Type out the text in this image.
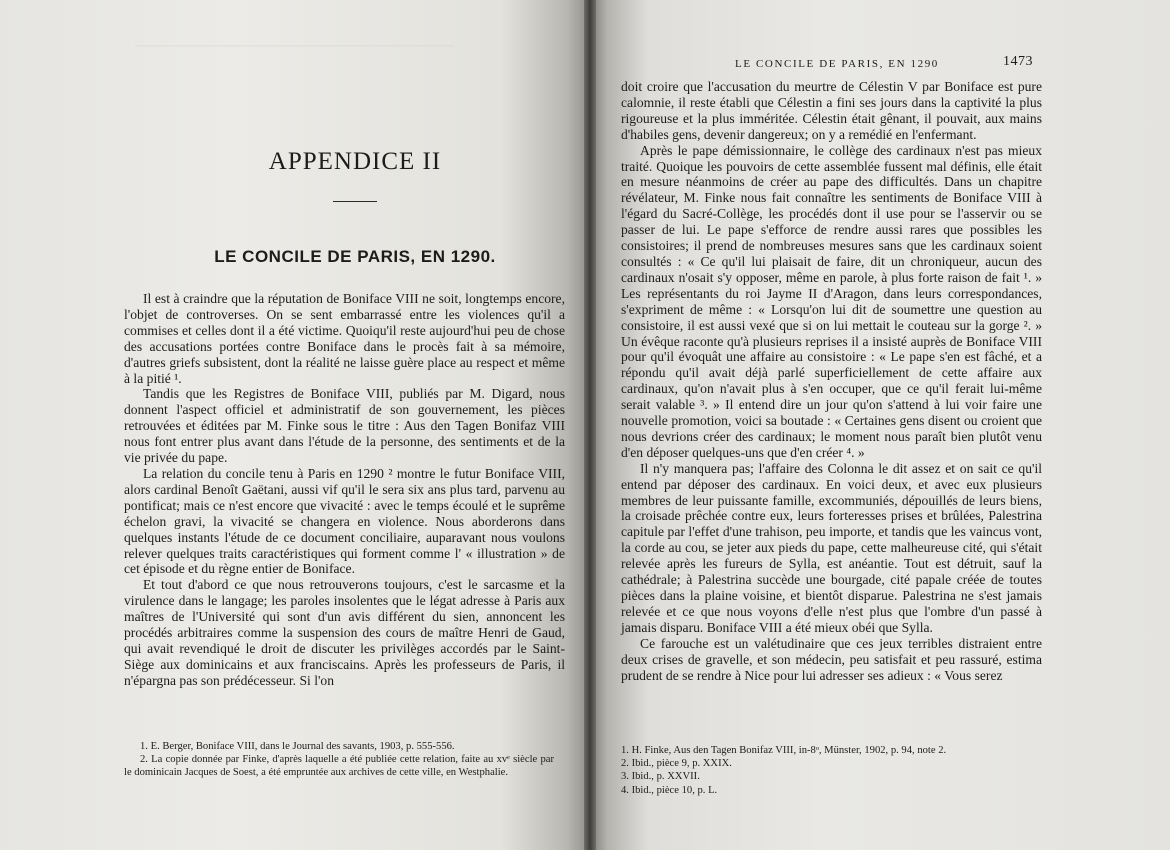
─────────────────────────────────────────────
APPENDICE II
LE CONCILE DE PARIS, EN 1290.

Il est à craindre que la réputation de Boniface VIII ne soit, longtemps encore, l'objet de controverses. On se sent embarrassé entre les violences qu'il a commises et celles dont il a été victime. Quoiqu'il reste aujourd'hui peu de chose des accusations portées contre Boniface dans le procès fait à sa mémoire, d'autres griefs subsistent, dont la réalité ne laisse guère place au respect et même à la pitié ¹.

Tandis que les Registres de Boniface VIII, publiés par M. Digard, nous donnent l'aspect officiel et administratif de son gouvernement, les pièces retrouvées et éditées par M. Finke sous le titre : Aus den Tagen Bonifaz VIII nous font entrer plus avant dans l'étude de la personne, des sentiments et de la vie privée du pape.

La relation du concile tenu à Paris en 1290 ² montre le futur Boniface VIII, alors cardinal Benoît Gaëtani, aussi vif qu'il le sera six ans plus tard, parvenu au pontificat; mais ce n'est encore que vivacité : avec le temps écoulé et le suprême échelon gravi, la vivacité se changera en violence. Nous aborderons dans quelques instants l'étude de ce document conciliaire, auparavant nous voulons relever quelques traits caractéristiques qui forment comme l' « illustration » de cet épisode et du règne entier de Boniface.

Et tout d'abord ce que nous retrouverons toujours, c'est le sarcasme et la virulence dans le langage; les paroles insolentes que le légat adresse à Paris aux maîtres de l'Université qui sont d'un avis différent du sien, annoncent les procédés arbitraires comme la suspension des cours de maître Henri de Gaud, qui avait revendiqué le droit de discuter les privilèges accordés par le Saint-Siège aux dominicains et aux franciscains. Après les professeurs de Paris, il n'épargna pas son prédécesseur. Si l'on

1. E. Berger, Boniface VIII, dans le Journal des savants, 1903, p. 555-556.

2. La copie donnée par Finke, d'après laquelle a été publiée cette relation, faite au xvᵉ siècle par le dominicain Jacques de Soest, a été empruntée aux archives de cette ville, en Westphalie.

LE CONCILE DE PARIS, EN 1290	1473

doit croire que l'accusation du meurtre de Célestin V par Boniface est pure calomnie, il reste établi que Célestin a fini ses jours dans la captivité la plus rigoureuse et la plus imméritée. Célestin était gênant, il pouvait, aux mains d'habiles gens, devenir dangereux; on y a remédié en l'enfermant.

Après le pape démissionnaire, le collège des cardinaux n'est pas mieux traité. Quoique les pouvoirs de cette assemblée fussent mal définis, elle était en mesure néanmoins de créer au pape des difficultés. Dans un chapitre révélateur, M. Finke nous fait connaître les sentiments de Boniface VIII à l'égard du Sacré-Collège, les procédés dont il use pour se l'asservir ou se passer de lui. Le pape s'efforce de rendre aussi rares que possibles les consistoires; il prend de nombreuses mesures sans que les cardinaux soient consultés : « Ce qu'il lui plaisait de faire, dit un chroniqueur, aucun des cardinaux n'osait s'y opposer, même en parole, à plus forte raison de fait ¹. » Les représentants du roi Jayme II d'Aragon, dans leurs correspondances, s'expriment de même : « Lorsqu'on lui dit de soumettre une question au consistoire, il est aussi vexé que si on lui mettait le couteau sur la gorge ². » Un évêque raconte qu'à plusieurs reprises il a insisté auprès de Boniface VIII pour qu'il évoquât une affaire au consistoire : « Le pape s'en est fâché, et a répondu qu'il avait déjà parlé superficiellement de cette affaire aux cardinaux, qu'on n'avait plus à s'en occuper, que ce qu'il ferait lui-même serait valable ³. » Il entend dire un jour qu'on s'attend à lui voir faire une nouvelle promotion, voici sa boutade : « Certaines gens disent ou croient que nous devrions créer des cardinaux; le moment nous paraît bien plutôt venu d'en déposer quelques-uns que d'en créer ⁴. »

Il n'y manquera pas; l'affaire des Colonna le dit assez et on sait ce qu'il entend par déposer des cardinaux. En voici deux, et avec eux plusieurs membres de leur puissante famille, excommuniés, dépouillés de leurs biens, la croisade prêchée contre eux, leurs forteresses prises et brûlées, Palestrina capitule par l'effet d'une trahison, peu importe, et tandis que les vaincus vont, la corde au cou, se jeter aux pieds du pape, cette malheureuse cité, qui s'était relevée après les fureurs de Sylla, est anéantie. Tout est détruit, sauf la cathédrale; à Palestrina succède une bourgade, cité papale créée de toutes pièces dans la plaine voisine, et bientôt disparue. Palestrina ne s'est jamais relevée et ce que nous voyons d'elle n'est plus que l'ombre d'un passé à jamais disparu. Boniface VIII a été mieux obéi que Sylla.

Ce farouche est un valétudinaire que ces jeux terribles distraient entre deux crises de gravelle, et son médecin, peu satisfait et peu rassuré, estima prudent de se rendre à Nice pour lui adresser ses adieux : « Vous serez

1. H. Finke, Aus den Tagen Bonifaz VIII, in-8ᵒ, Münster, 1902, p. 94, note 2.

2. Ibid., pièce 9, p. XXIX.

3. Ibid., p. XXVII.

4. Ibid., pièce 10, p. L.
